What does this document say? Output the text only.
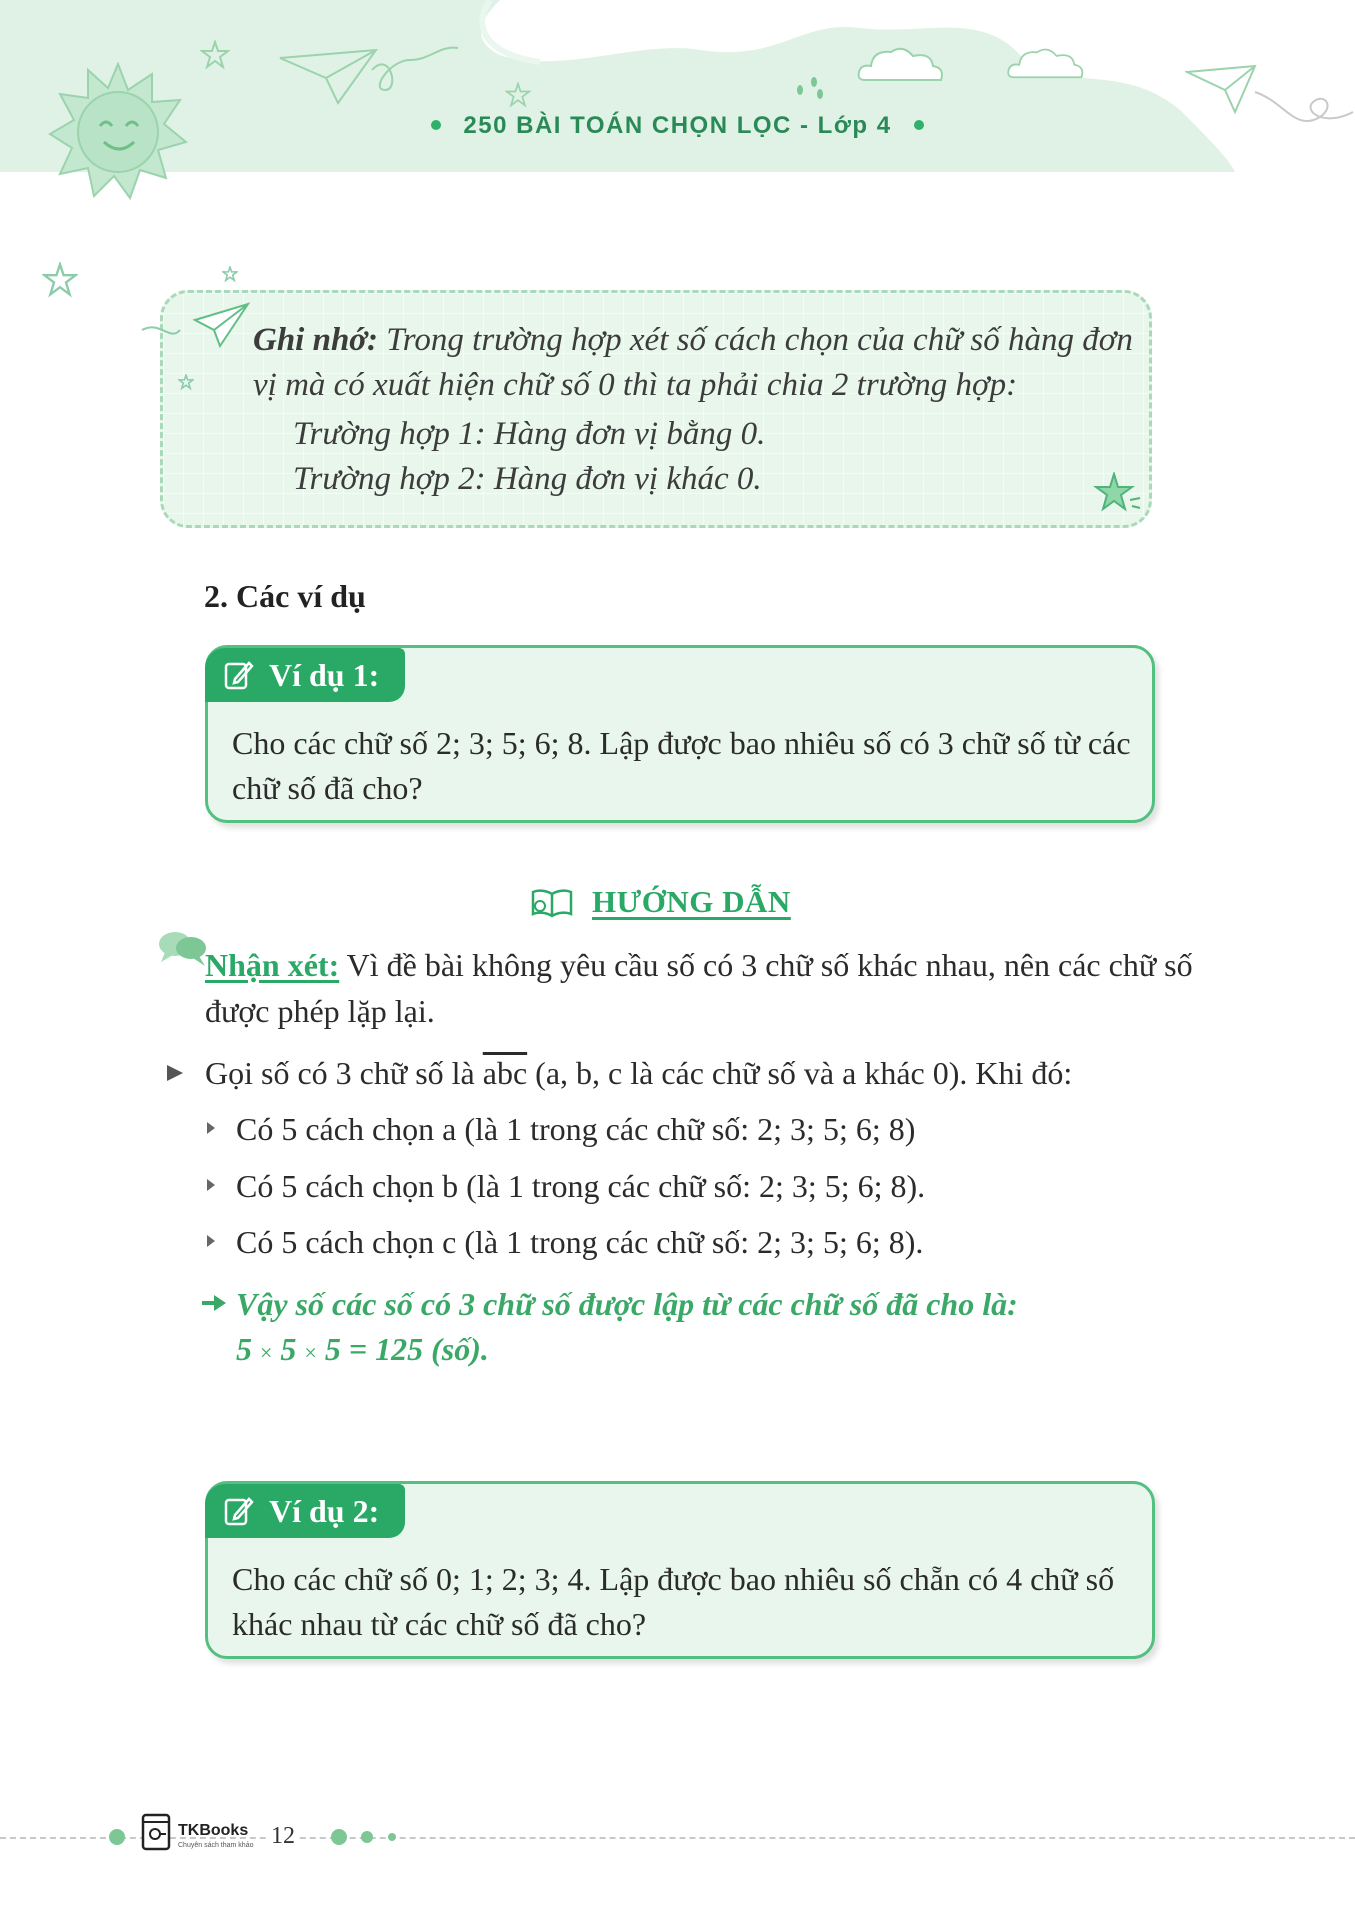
250 BÀI TOÁN CHỌN LỌC - Lớp 4
Ghi nhớ: Trong trường hợp xét số cách chọn của chữ số hàng đơn vị mà có xuất hiện chữ số 0 thì ta phải chia 2 trường hợp:
Trường hợp 1: Hàng đơn vị bằng 0.
Trường hợp 2: Hàng đơn vị khác 0.
2. Các ví dụ
Ví dụ 1:
Cho các chữ số 2; 3; 5; 6; 8. Lập được bao nhiêu số có 3 chữ số từ các chữ số đã cho?
HƯỚNG DẪN
Nhận xét: Vì đề bài không yêu cầu số có 3 chữ số khác nhau, nên các chữ số được phép lặp lại.
Gọi số có 3 chữ số là $\overline{abc}$ (a, b, c là các chữ số và a khác 0). Khi đó:
Có 5 cách chọn a (là 1 trong các chữ số: 2; 3; 5; 6; 8)
Có 5 cách chọn b (là 1 trong các chữ số: 2; 3; 5; 6; 8).
Có 5 cách chọn c (là 1 trong các chữ số: 2; 3; 5; 6; 8).
Vậy số các số có 3 chữ số được lập từ các chữ số đã cho là:
5 × 5 × 5 = 125 (số).
Ví dụ 2:
Cho các chữ số 0; 1; 2; 3; 4. Lập được bao nhiêu số chẵn có 4 chữ số khác nhau từ các chữ số đã cho?
TKBooks
Chuyên sách tham khảo 12
